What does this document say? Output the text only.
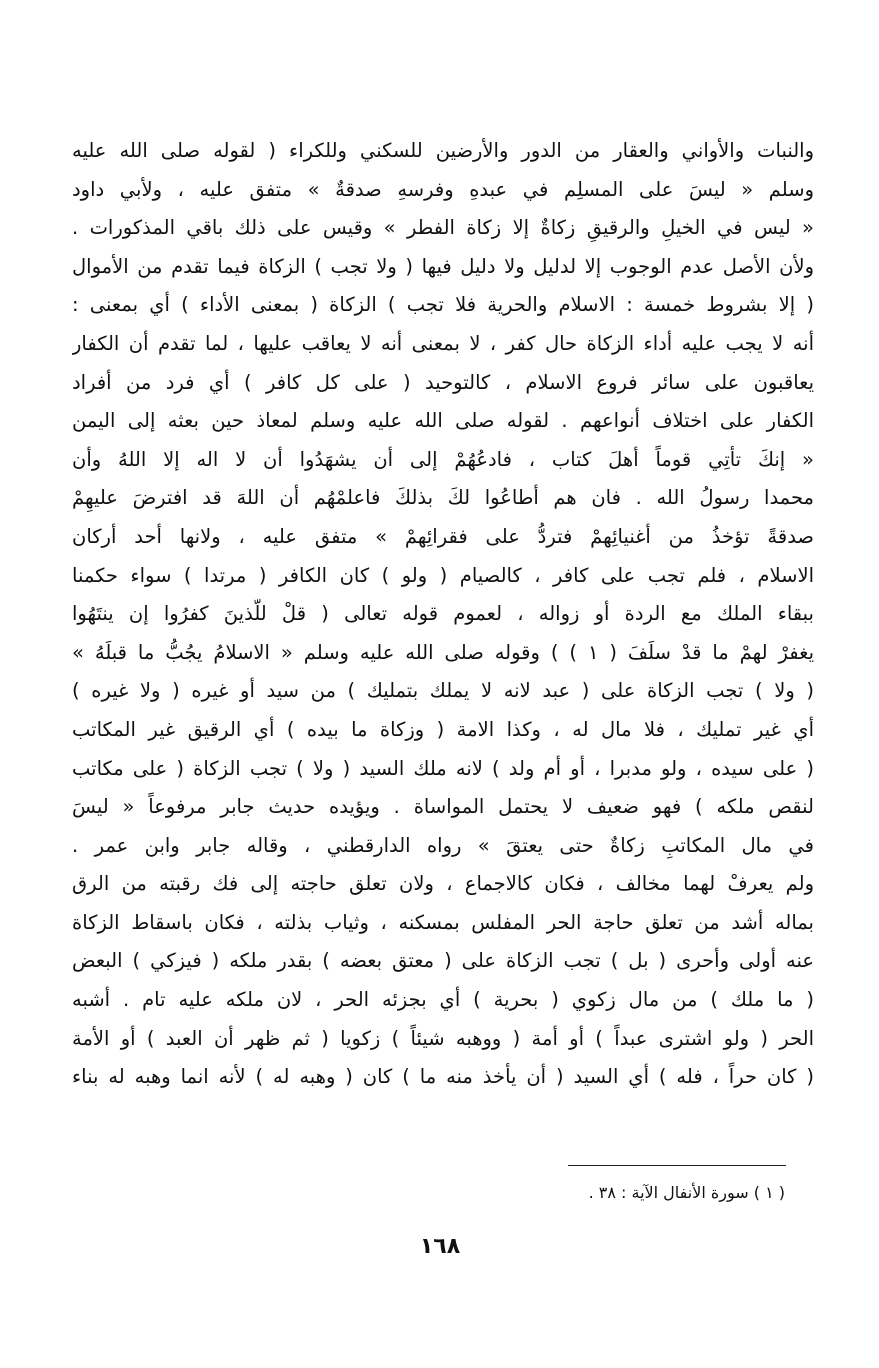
والنبات والأواني والعقار من الدور والأرضين للسكني وللكراء ( لقوله صلى الله عليه
وسلم « ليسَ على المسلِم في عبدهِ وفرسهِ صدقةٌ » متفق عليه ، ولأبي داود
« ليس في الخيلِ والرقيقِ زكاةٌ إلا زكاة الفطر » وقيس على ذلك باقي المذكورات .
ولأن الأصل عدم الوجوب إلا لدليل ولا دليل فيها ( ولا تجب ) الزكاة فيما تقدم من الأموال
( إلا بشروط خمسة : الاسلام والحرية فلا تجب ) الزكاة ( بمعنى الأداء ) أي بمعنى :
أنه لا يجب عليه أداء الزكاة حال كفر ، لا بمعنى أنه لا يعاقب عليها ، لما تقدم أن الكفار
يعاقبون على سائر فروع الاسلام ، كالتوحيد ( على كل كافر ) أي فرد من أفراد
الكفار على اختلاف أنواعهم . لقوله صلى الله عليه وسلم لمعاذ حين بعثه إلى اليمن
« إنكَ تأتِي قوماً أهلَ كتاب ، فادعُهُمْ إلى أن يشهَدُوا أن لا اله إلا اللهُ وأن
محمدا رسولُ الله . فان هم أطاعُوا لكَ بذلكَ فاعلمْهُم أن اللهَ قد افترضَ عليهِمْ
صدقةً تؤخذُ من أغنيائِهمْ فتردُّ على فقرائِهمْ » متفق عليه ، ولانها أحد أركان
الاسلام ، فلم تجب على كافر ، كالصيام ( ولو ) كان الكافر ( مرتدا ) سواء حكمنا
ببقاء الملك مع الردة أو زواله ، لعموم قوله تعالى ( قلْ للّذينَ كفرُوا إن ينتَهُوا
يغفرْ لهمْ ما قدْ سلَفَ ( ١ ) ) وقوله صلى الله عليه وسلم « الاسلامُ يجُبُّ ما قبلَهُ »
( ولا ) تجب الزكاة على ( عبد لانه لا يملك بتمليك ) من سيد أو غيره ( ولا غيره )
أي غير تمليك ، فلا مال له ، وكذا الامة ( وزكاة ما بيده ) أي الرقيق غير المكاتب
( على سيده ، ولو مدبرا ، أو أم ولد ) لانه ملك السيد ( ولا ) تجب الزكاة ( على مكاتب
لنقص ملكه ) فهو ضعيف لا يحتمل المواساة . ويؤيده حديث جابر مرفوعاً « ليسَ
في مال المكاتبِ زكاةٌ حتى يعتقَ » رواه الدارقطني ، وقاله جابر وابن عمر .
ولم يعرفْ لهما مخالف ، فكان كالاجماع ، ولان تعلق حاجته إلى فك رقبته من الرق
بماله أشد من تعلق حاجة الحر المفلس بمسكنه ، وثياب بذلته ، فكان باسقاط الزكاة
عنه أولى وأحرى ( بل ) تجب الزكاة على ( معتق بعضه ) بقدر ملكه ( فيزكي ) البعض
( ما ملك ) من مال زكوي ( بحرية ) أي بجزئه الحر ، لان ملكه عليه تام . أشبه
الحر ( ولو اشترى عبداً ) أو أمة ( ووهبه شيئاً ) زكويا ( ثم ظهر أن العبد ) أو الأمة
( كان حراً ، فله ) أي السيد ( أن يأخذ منه ما ) كان ( وهبه له ) لأنه انما وهبه له بناء
( ١ ) سورة الأنفال الآية : ٣٨ .
١٦٨
